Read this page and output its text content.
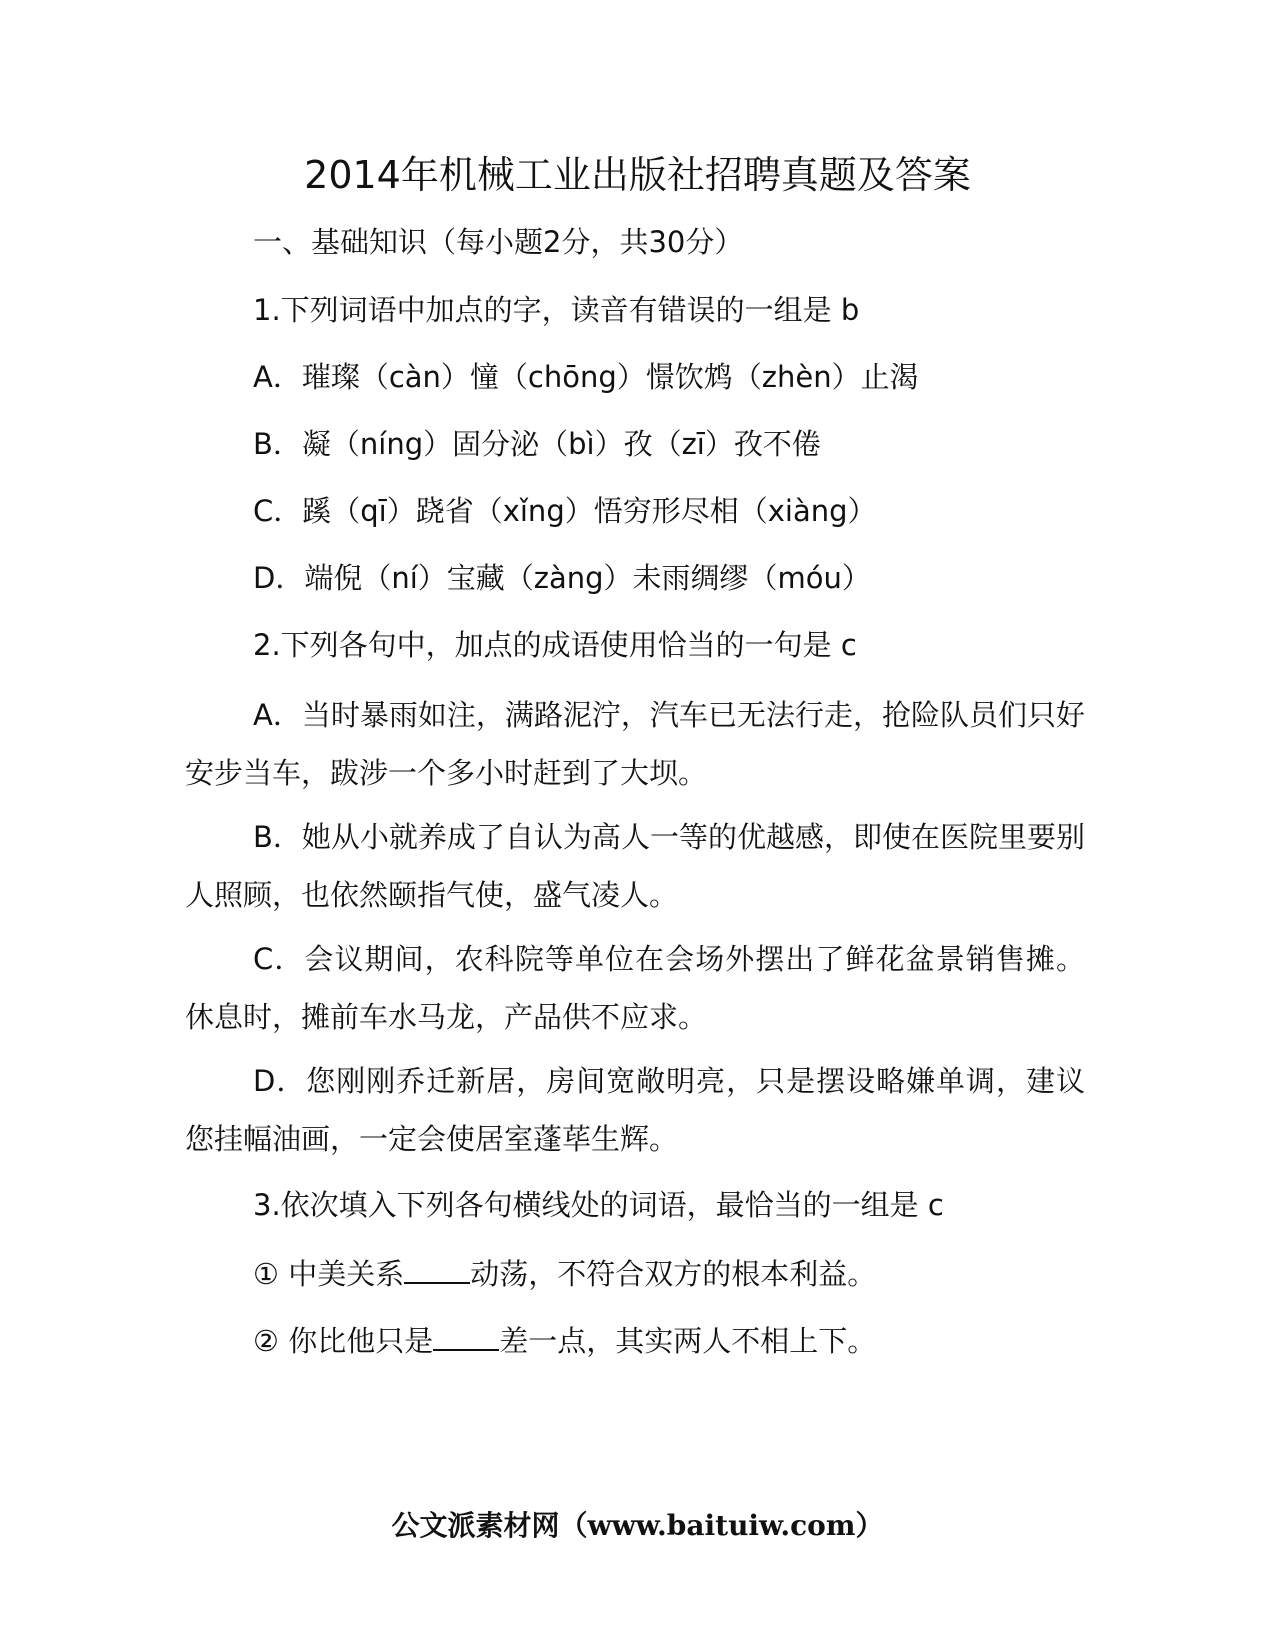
2014年机械工业出版社招聘真题及答案
一、基础知识（每小题2分，共30分）
1.下列词语中加点的字，读音有错误的一组是 b
A．璀璨（càn）憧（chōng）憬饮鸩（zhèn）止渴
B．凝（níng）固分泌（bì）孜（zī）孜不倦
C．蹊（qī）跷省（xǐng）悟穷形尽相（xiàng）
D．端倪（ní）宝藏（zàng）未雨绸缪（móu）
2.下列各句中，加点的成语使用恰当的一句是 c
A．当时暴雨如注，满路泥泞，汽车已无法行走，抢险队员们只好安步当车，跋涉一个多小时赶到了大坝。
B．她从小就养成了自认为高人一等的优越感，即使在医院里要别人照顾，也依然颐指气使，盛气凌人。
C．会议期间，农科院等单位在会场外摆出了鲜花盆景销售摊。休息时，摊前车水马龙，产品供不应求。
D．您刚刚乔迁新居，房间宽敞明亮，只是摆设略嫌单调，建议您挂幅油画，一定会使居室蓬荜生辉。
3.依次填入下列各句横线处的词语，最恰当的一组是 c
① 中美关系 动荡，不符合双方的根本利益。
② 你比他只是 差一点，其实两人不相上下。
公文派素材网（www.baituiw.com）
